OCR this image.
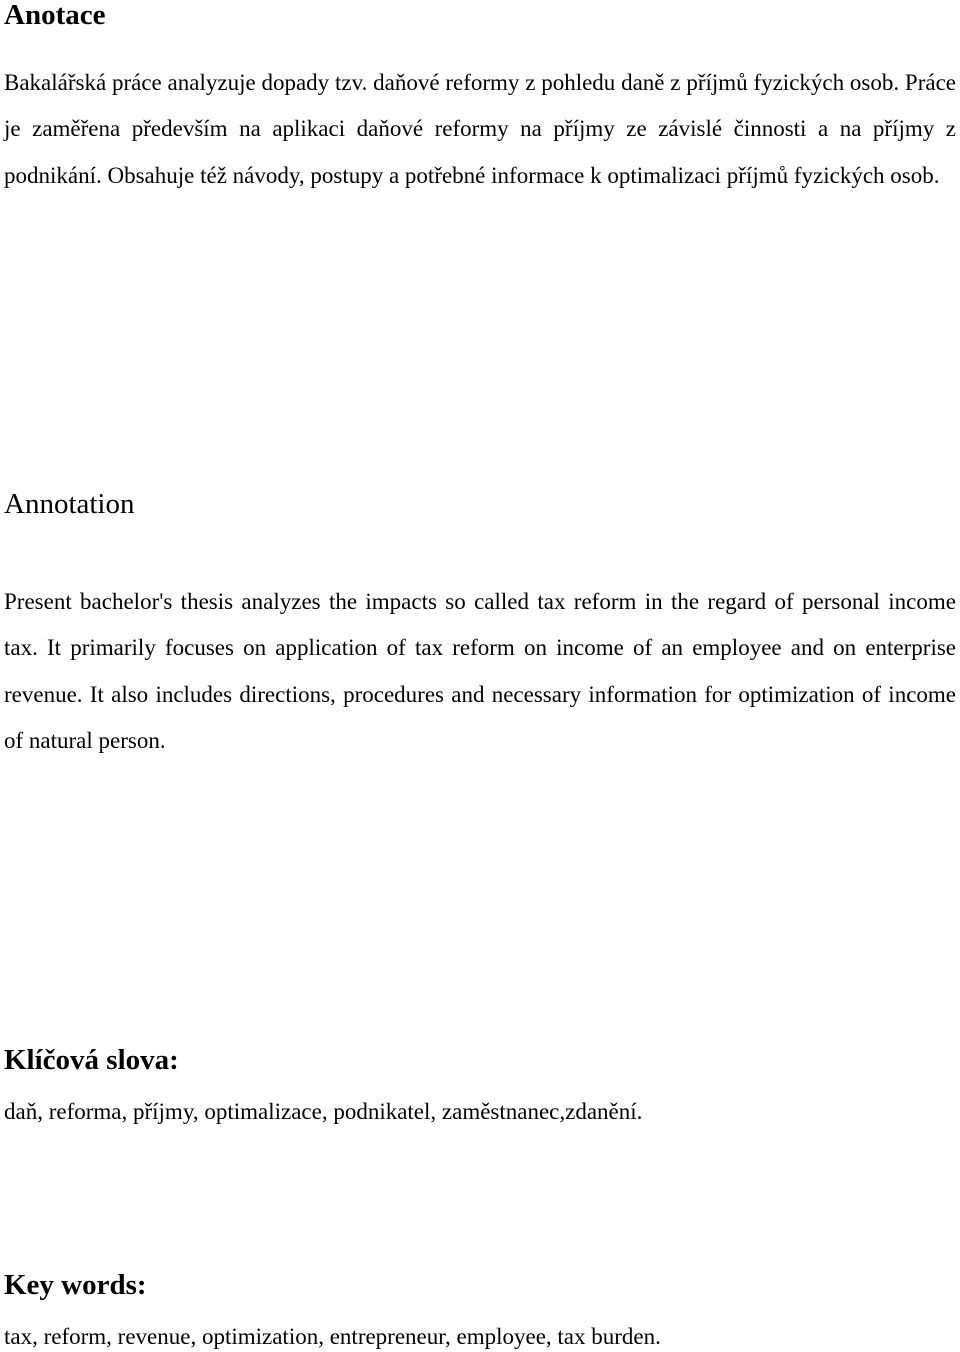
Anotace

Bakalářská práce analyzuje dopady tzv. daňové reformy z pohledu daně z příjmů fyzických osob. Práce je zaměřena především na aplikaci daňové reformy na příjmy ze závislé činnosti a na příjmy z podnikání. Obsahuje též návody, postupy a potřebné informace k optimalizaci příjmů fyzických osob.

Annotation

Present bachelor's thesis analyzes the impacts so called tax reform in the regard of personal income tax. It primarily focuses on application of tax reform on income of an employee and on enterprise revenue. It also includes directions, procedures and necessary information for optimization of income of natural person.

Klíčová slova:

daň, reforma, příjmy, optimalizace, podnikatel, zaměstnanec,zdanění.

Key words:

tax, reform, revenue, optimization, entrepreneur, employee, tax burden.
